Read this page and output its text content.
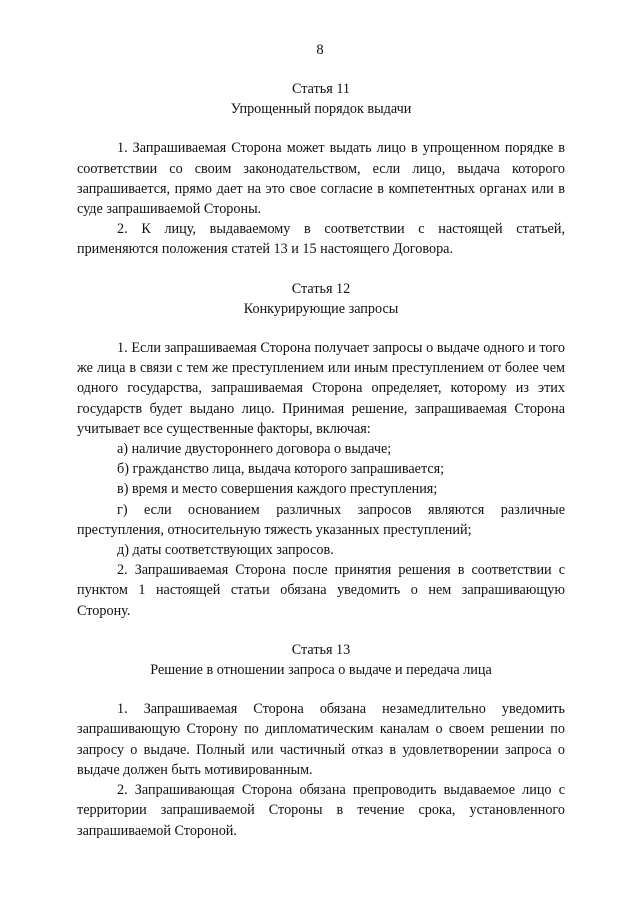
8

Статья 11

Упрощенный порядок выдачи

1. Запрашиваемая Сторона может выдать лицо в упрощенном порядке в соответствии со своим законодательством, если лицо, выдача которого запрашивается, прямо дает на это свое согласие в компетентных органах или в суде запрашиваемой Стороны.

2. К лицу, выдаваемому в соответствии с настоящей статьей, применяются положения статей 13 и 15 настоящего Договора.

Статья 12

Конкурирующие запросы

1. Если запрашиваемая Сторона получает запросы о выдаче одного и того же лица в связи с тем же преступлением или иным преступлением от более чем одного государства, запрашиваемая Сторона определяет, которому из этих государств будет выдано лицо. Принимая решение, запрашиваемая Сторона учитывает все существенные факторы, включая:

а) наличие двустороннего договора о выдаче;

б) гражданство лица, выдача которого запрашивается;

в) время и место совершения каждого преступления;

г) если основанием различных запросов являются различные преступления, относительную тяжесть указанных преступлений;

д) даты соответствующих запросов.

2. Запрашиваемая Сторона после принятия решения в соответствии с пунктом 1 настоящей статьи обязана уведомить о нем запрашивающую Сторону.

Статья 13

Решение в отношении запроса о выдаче и передача лица

1. Запрашиваемая Сторона обязана незамедлительно уведомить запрашивающую Сторону по дипломатическим каналам о своем решении по запросу о выдаче. Полный или частичный отказ в удовлетворении запроса о выдаче должен быть мотивированным.

2. Запрашивающая Сторона обязана препроводить выдаваемое лицо с территории запрашиваемой Стороны в течение срока, установленного запрашиваемой Стороной.
